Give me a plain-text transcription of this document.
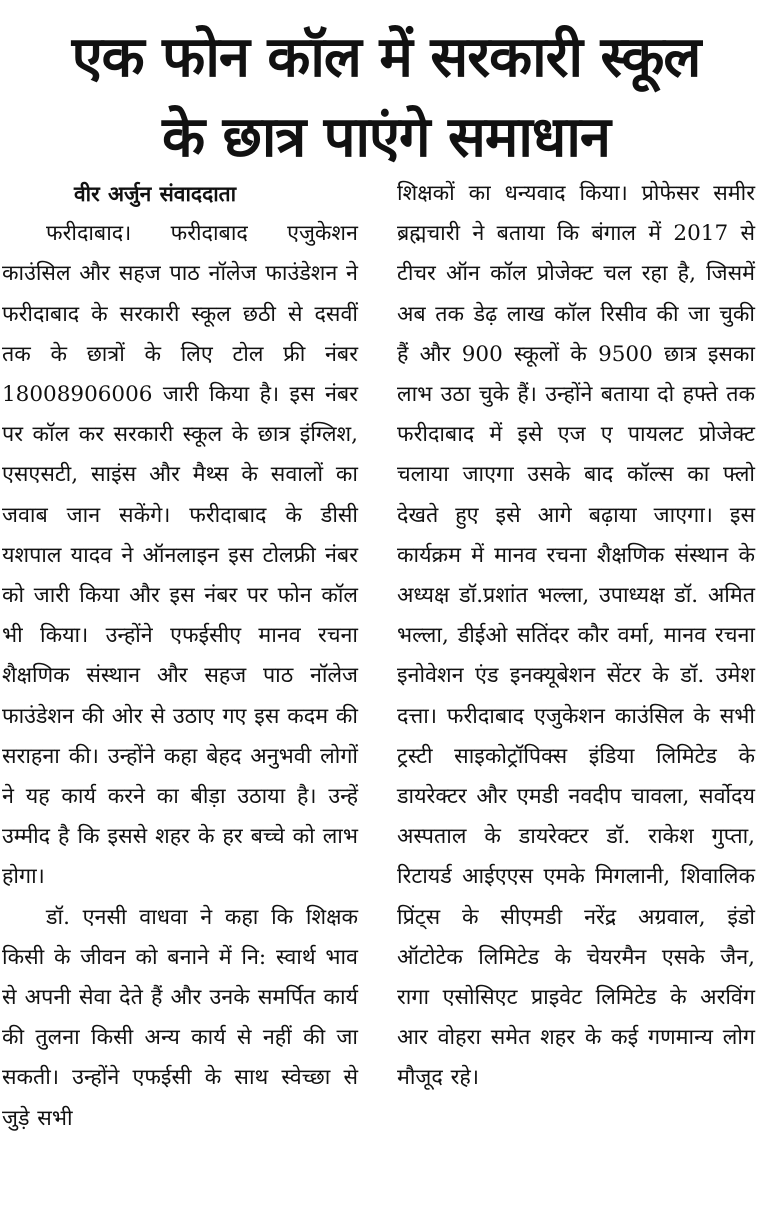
एक फोन कॉल में सरकारी स्कूल
के छात्र पाएंगे समाधान
वीर अर्जुन संवाददाता

फरीदाबाद। फरीदाबाद एजुकेशन काउंसिल और सहज पाठ नॉलेज फाउंडेशन ने फरीदाबाद के सरकारी स्कूल छठी से दसवीं तक के छात्रों के लिए टोल फ्री नंबर 18008906006 जारी किया है। इस नंबर पर कॉल कर सरकारी स्कूल के छात्र इंग्लिश, एसएसटी, साइंस और मैथ्स के सवालों का जवाब जान सकेंगे। फरीदाबाद के डीसी यशपाल यादव ने ऑनलाइन इस टोलफ्री नंबर को जारी किया और इस नंबर पर फोन कॉल भी किया। उन्होंने एफईसीए मानव रचना शैक्षणिक संस्थान और सहज पाठ नॉलेज फाउंडेशन की ओर से उठाए गए इस कदम की सराहना की। उन्होंने कहा बेहद अनुभवी लोगों ने यह कार्य करने का बीड़ा उठाया है। उन्हें उम्मीद है कि इससे शहर के हर बच्चे को लाभ होगा।

डॉ. एनसी वाधवा ने कहा कि शिक्षक किसी के जीवन को बनाने में नि: स्वार्थ भाव से अपनी सेवा देते हैं और उनके समर्पित कार्य की तुलना किसी अन्य कार्य से नहीं की जा सकती। उन्होंने एफईसी के साथ स्वेच्छा से जुड़े सभी

शिक्षकों का धन्यवाद किया। प्रोफेसर समीर ब्रह्मचारी ने बताया कि बंगाल में 2017 से टीचर ऑन कॉल प्रोजेक्ट चल रहा है, जिसमें अब तक डेढ़ लाख कॉल रिसीव की जा चुकी हैं और 900 स्कूलों के 9500 छात्र इसका लाभ उठा चुके हैं। उन्होंने बताया दो हफ्ते तक फरीदाबाद में इसे एज ए पायलट प्रोजेक्ट चलाया जाएगा उसके बाद कॉल्स का फ्लो देखते हुए इसे आगे बढ़ाया जाएगा। इस कार्यक्रम में मानव रचना शैक्षणिक संस्थान के अध्यक्ष डॉ.प्रशांत भल्ला, उपाध्यक्ष डॉ. अमित भल्ला, डीईओ सतिंदर कौर वर्मा, मानव रचना इनोवेशन एंड इनक्यूबेशन सेंटर के डॉ. उमेश दत्ता। फरीदाबाद एजुकेशन काउंसिल के सभी ट्रस्टी साइकोट्रॉपिक्स इंडिया लिमिटेड के डायरेक्टर और एमडी नवदीप चावला, सर्वोदय अस्पताल के डायरेक्टर डॉ. राकेश गुप्ता, रिटायर्ड आईएएस एमके मिगलानी, शिवालिक प्रिंट्स के सीएमडी नरेंद्र अग्रवाल, इंडो ऑटोटेक लिमिटेड के चेयरमैन एसके जैन, रागा एसोसिएट प्राइवेट लिमिटेड के अरविंग आर वोहरा समेत शहर के कई गणमान्य लोग मौजूद रहे।
